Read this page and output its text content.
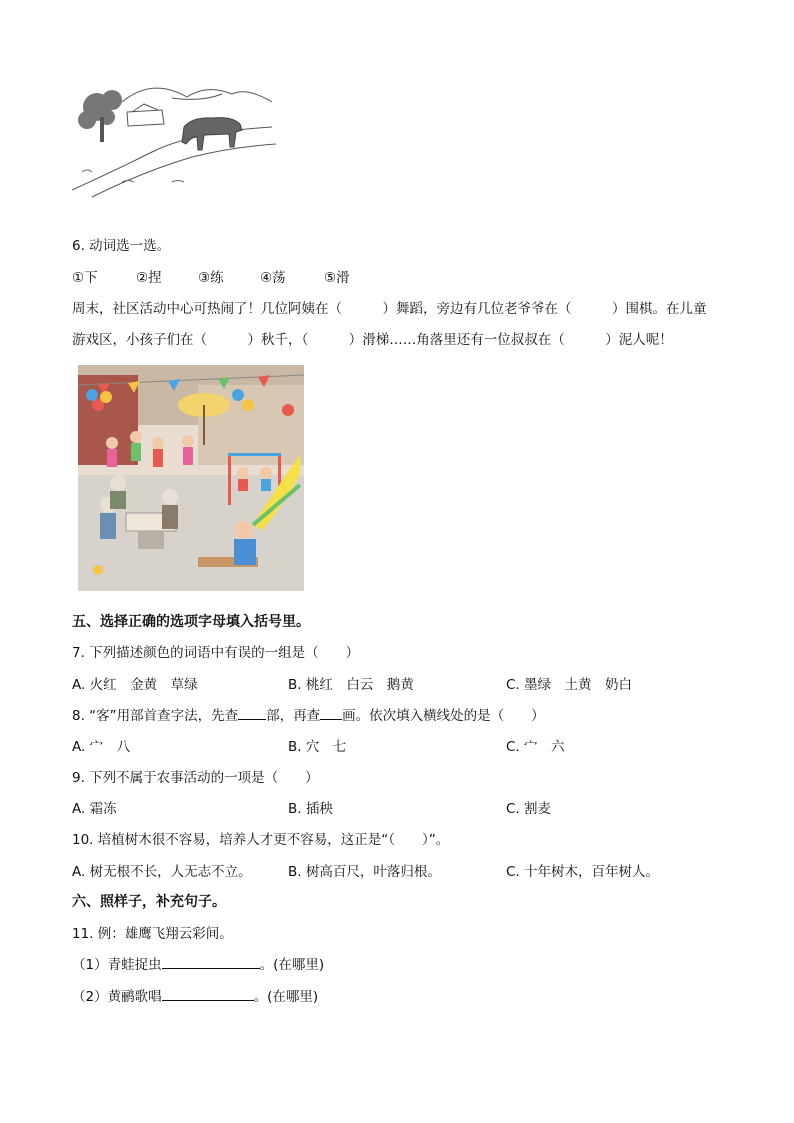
6. 动词选一选。
①下	②捏	③练	④荡	⑤滑
周末，社区活动中心可热闹了！几位阿姨在（　　　）舞蹈，旁边有几位老爷爷在（　　　）围棋。在儿童
游戏区，小孩子们在（　　　）秋千，（　　　）滑梯……角落里还有一位叔叔在（　　　）泥人呢！
五、选择正确的选项字母填入括号里。
7. 下列描述颜色的词语中有误的一组是（　　）
A. 火红　金黄　草绿	B. 桃红　白云　鹅黄	C. 墨绿　土黄　奶白
8. “客”用部首查字法，先查 部，再查 画。依次填入横线处的是（　　）
A. 宀　八	B. 穴　七	C. 宀　六
9. 下列不属于农事活动的一项是（　　）
A. 霜冻	B. 插秧	C. 割麦
10. 培植树木很不容易，培养人才更不容易，这正是“（　　）”。
A. 树无根不长，人无志不立。	B. 树高百尺，叶落归根。	C. 十年树木，百年树人。
六、照样子，补充句子。
11. 例：雄鹰飞翔云彩间。
（1）青蛙捉虫	。(在哪里)
（2）黄鹂歌唱	。(在哪里)
